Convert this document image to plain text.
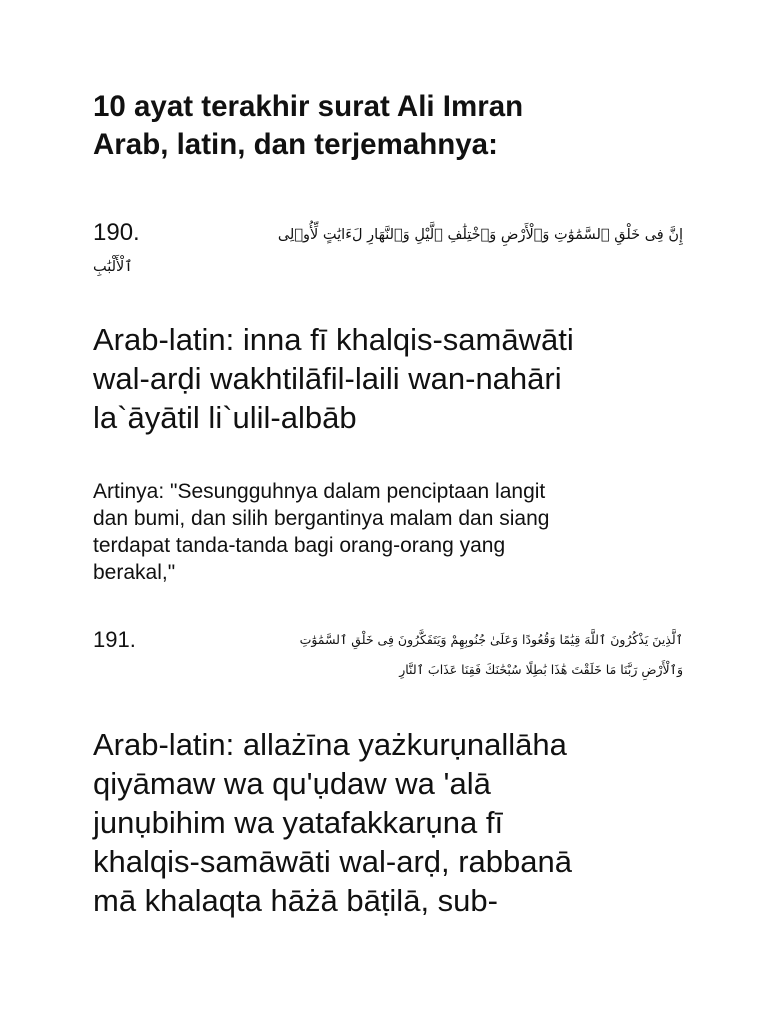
10 ayat terakhir surat Ali Imran
Arab, latin, dan terjemahnya:
190.	إِنَّ فِى خَلْقِ ٱلسَّمَٰوَٰتِ وَٱلْأَرْضِ وَٱخْتِلَٰفِ ٱلَّيْلِ وَٱلنَّهَارِ لَءَايَٰتٍ لِّأُو۟لِى
ٱلْأَلْبَٰبِ
Arab-latin: inna fī khalqis-samāwāti
wal-arḍi wakhtilāfil-laili wan-nahāri
la`āyātil li`ulil-albāb
Artinya: "Sesungguhnya dalam penciptaan langit
dan bumi, dan silih bergantinya malam dan siang
terdapat tanda-tanda bagi orang-orang yang
berakal,"
191.	ٱلَّذِينَ يَذْكُرُونَ ٱللَّهَ قِيَٰمًا وَقُعُودًا وَعَلَىٰ جُنُوبِهِمْ وَيَتَفَكَّرُونَ فِى خَلْقِ ٱلسَّمَٰوَٰتِ
وَٱلْأَرْضِ رَبَّنَا مَا خَلَقْتَ هَٰذَا بَٰطِلًا سُبْحَٰنَكَ فَقِنَا عَذَابَ ٱلنَّارِ
Arab-latin: allażīna yażkurụnallāha
qiyāmaw wa qu'ụdaw wa 'alā
junụbihim wa yatafakkarụna fī
khalqis-samāwāti wal-arḍ, rabbanā
mā khalaqta hāżā bāṭilā, sub-
